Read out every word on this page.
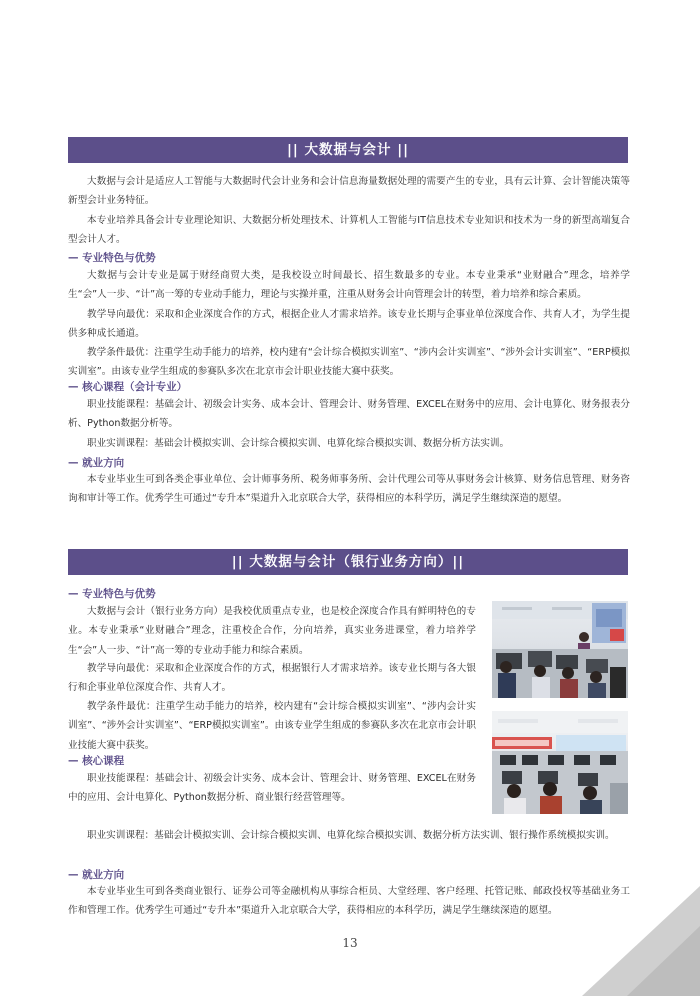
|| 大数据与会计 ||

大数据与会计是适应人工智能与大数据时代会计业务和会计信息海量数据处理的需要产生的专业，具有云计算、会计智能决策等新型会计业务特征。

本专业培养具备会计专业理论知识、大数据分析处理技术、计算机人工智能与IT信息技术专业知识和技术为一身的新型高端复合型会计人才。

— 专业特色与优势

大数据与会计专业是属于财经商贸大类，是我校设立时间最长、招生数最多的专业。本专业秉承“业财融合”理念，培养学生“会”人一步、“计”高一筹的专业动手能力，理论与实操并重，注重从财务会计向管理会计的转型，着力培养和综合素质。

教学导向最优：采取和企业深度合作的方式，根据企业人才需求培养。该专业长期与企事业单位深度合作、共育人才，为学生提供多种成长通道。

教学条件最优：注重学生动手能力的培养，校内建有“会计综合模拟实训室”、“涉内会计实训室”、“涉外会计实训室”、“ERP模拟实训室”。由该专业学生组成的参赛队多次在北京市会计职业技能大赛中获奖。

— 核心课程（会计专业）

职业技能课程：基础会计、初级会计实务、成本会计、管理会计、财务管理、EXCEL在财务中的应用、会计电算化、财务报表分析、Python数据分析等。

职业实训课程：基础会计模拟实训、会计综合模拟实训、电算化综合模拟实训、数据分析方法实训。

— 就业方向

本专业毕业生可到各类企事业单位、会计师事务所、税务师事务所、会计代理公司等从事财务会计核算、财务信息管理、财务咨询和审计等工作。优秀学生可通过“专升本”渠道升入北京联合大学，获得相应的本科学历，满足学生继续深造的愿望。

|| 大数据与会计（银行业务方向）||
— 专业特色与优势

大数据与会计（银行业务方向）是我校优质重点专业，也是校企深度合作具有鲜明特色的专业。本专业秉承“业财融合”理念，注重校企合作，分向培养，真实业务进课堂，着力培养学生“会”人一步、“计”高一筹的专业动手能力和综合素质。

教学导向最优：采取和企业深度合作的方式，根据银行人才需求培养。该专业长期与各大银行和企事业单位深度合作、共育人才。

教学条件最优：注重学生动手能力的培养，校内建有“会计综合模拟实训室”、“涉内会计实训室”、“涉外会计实训室”、“ERP模拟实训室”。由该专业学生组成的参赛队多次在北京市会计职业技能大赛中获奖。

— 核心课程

职业技能课程：基础会计、初级会计实务、成本会计、管理会计、财务管理、EXCEL在财务中的应用、会计电算化、Python数据分析、商业银行经营管理等。

职业实训课程：基础会计模拟实训、会计综合模拟实训、电算化综合模拟实训、数据分析方法实训、银行操作系统模拟实训。

— 就业方向

本专业毕业生可到各类商业银行、证券公司等金融机构从事综合柜员、大堂经理、客户经理、托管记账、邮政投权等基础业务工作和管理工作。优秀学生可通过“专升本”渠道升入北京联合大学，获得相应的本科学历，满足学生继续深造的愿望。

13
